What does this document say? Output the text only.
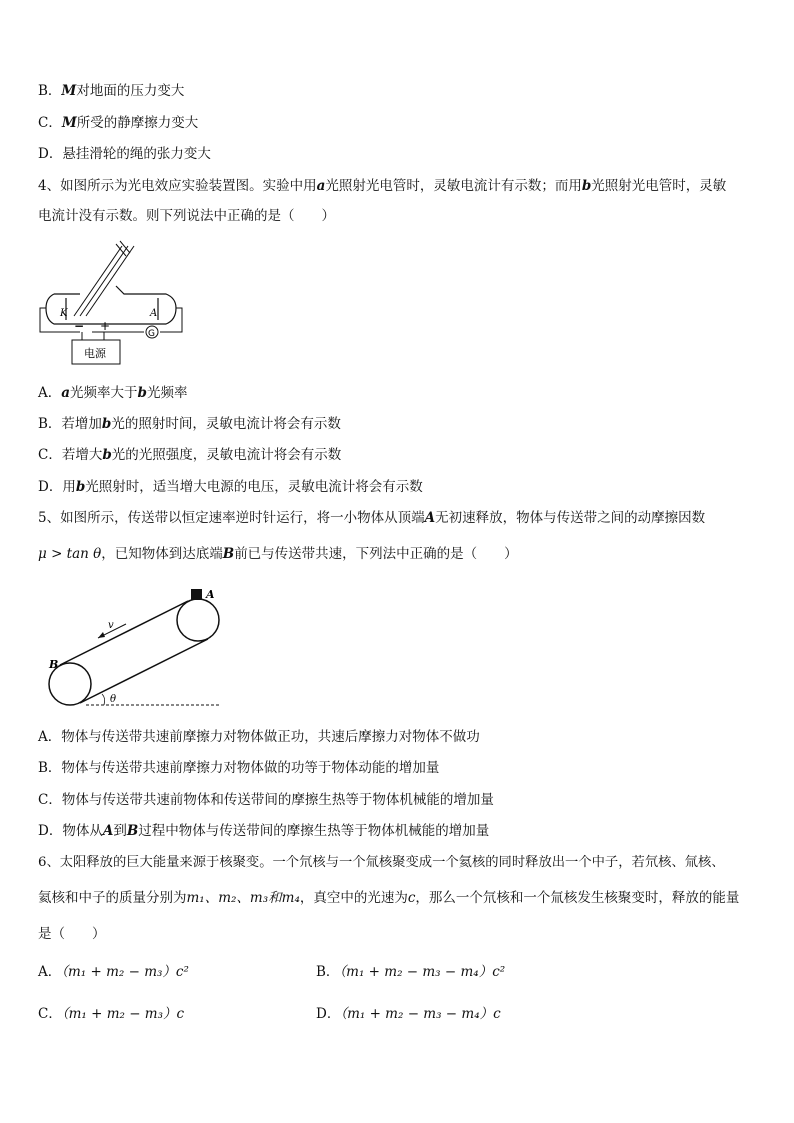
B．M对地面的压力变大
C．M所受的静摩擦力变大
D．悬挂滑轮的绳的张力变大
4、如图所示为光电效应实验装置图。实验中用a光照射光电管时，灵敏电流计有示数；而用b光照射光电管时，灵敏
电流计没有示数。则下列说法中正确的是（　　）
K	A
G
− +
电源
A．a光频率大于b光频率
B．若增加b光的照射时间，灵敏电流计将会有示数
C．若增大b光的光照强度，灵敏电流计将会有示数
D．用b光照射时，适当增大电源的电压，灵敏电流计将会有示数
5、如图所示，传送带以恒定速率逆时针运行，将一小物体从顶端A无初速释放，物体与传送带之间的动摩擦因数
μ > tan θ，已知物体到达底端B前已与传送带共速，下列法中正确的是（　　）
A
B
v
θ
A．物体与传送带共速前摩擦力对物体做正功，共速后摩擦力对物体不做功
B．物体与传送带共速前摩擦力对物体做的功等于物体动能的增加量
C．物体与传送带共速前物体和传送带间的摩擦生热等于物体机械能的增加量
D．物体从A到B过程中物体与传送带间的摩擦生热等于物体机械能的增加量
6、太阳释放的巨大能量来源于核聚变。一个氘核与一个氚核聚变成一个氦核的同时释放出一个中子，若氘核、氚核、
氦核和中子的质量分别为m₁、m₂、m₃和m₄，真空中的光速为c，那么一个氘核和一个氚核发生核聚变时，释放的能量
是（　　）
A．（m₁ + m₂ − m₃）c²	B．（m₁ + m₂ − m₃ − m₄）c²
C．（m₁ + m₂ − m₃）c	D．（m₁ + m₂ − m₃ − m₄）c
